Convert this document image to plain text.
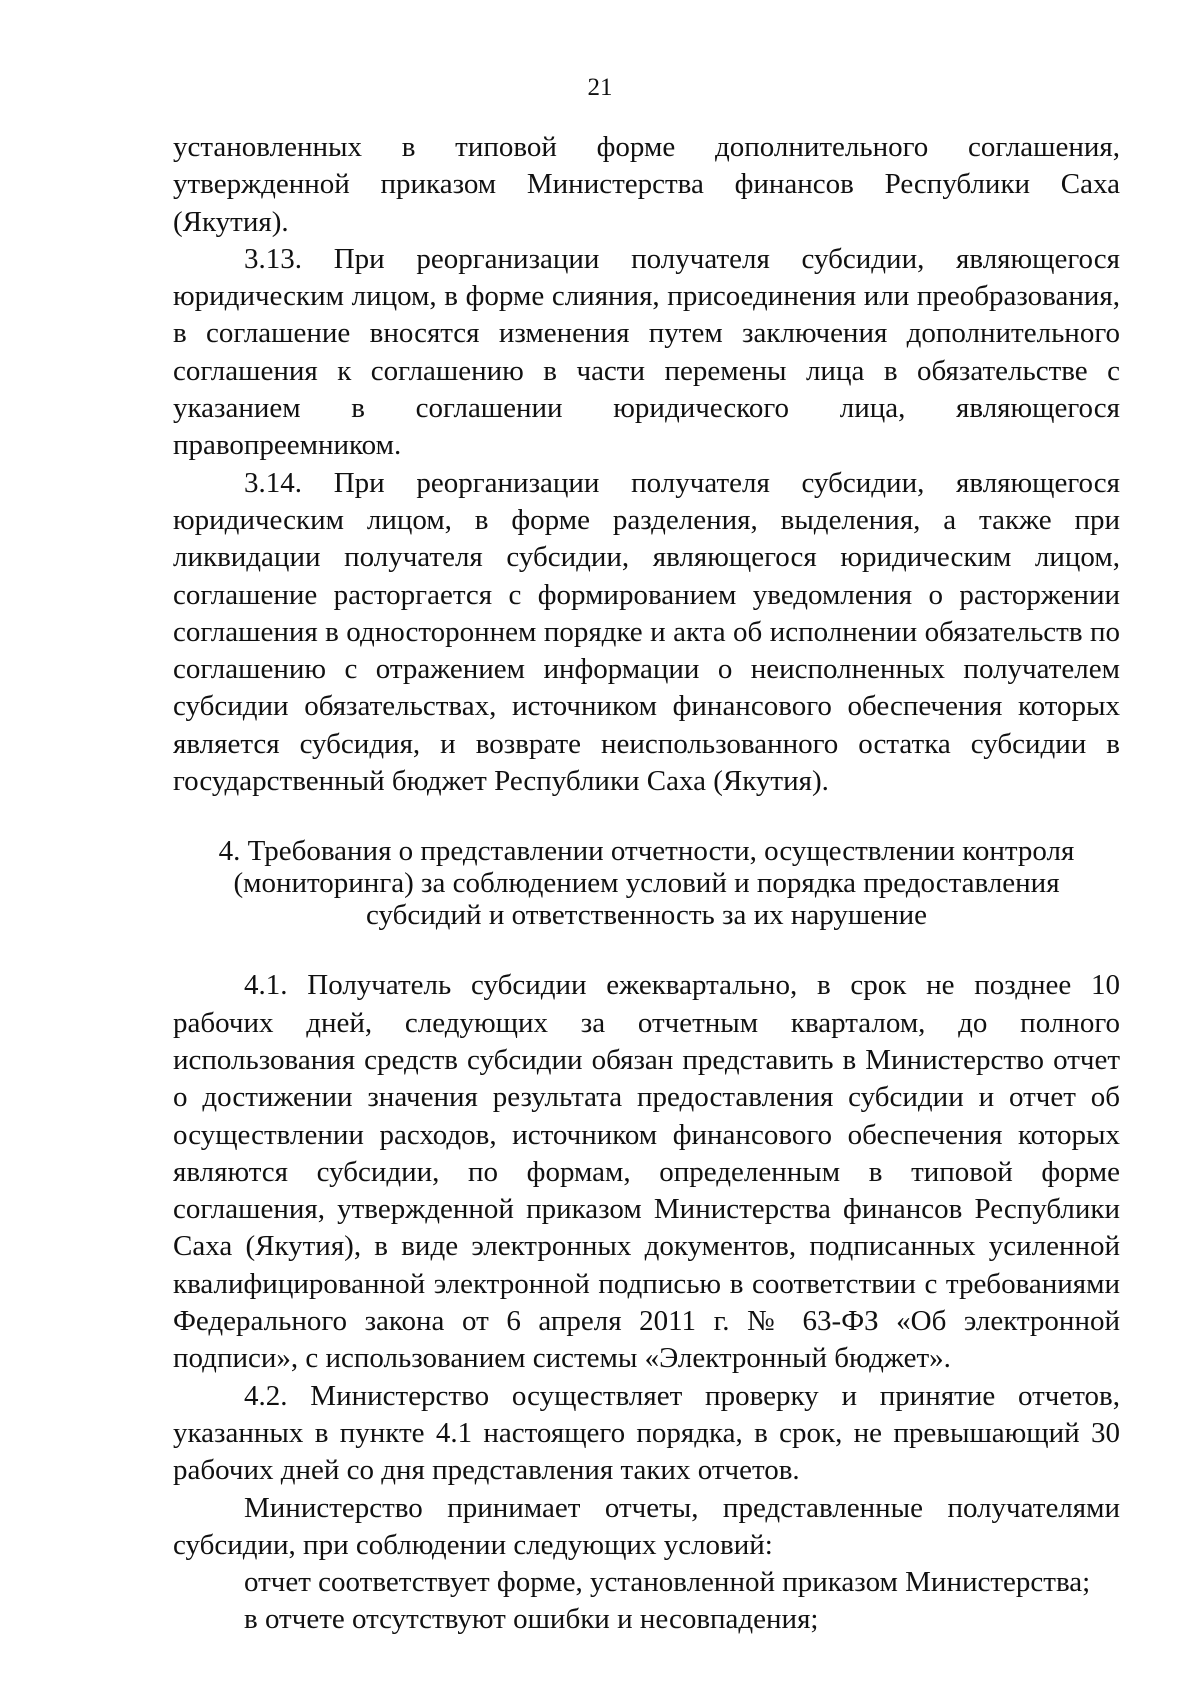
21

установленных в типовой форме дополнительного соглашения, утвержденной приказом Министерства финансов Республики Саха (Якутия).

3.13. При реорганизации получателя субсидии, являющегося юридическим лицом, в форме слияния, присоединения или преобразования, в соглашение вносятся изменения путем заключения дополнительного соглашения к соглашению в части перемены лица в обязательстве с указанием в соглашении юридического лица, являющегося правопреемником.

3.14. При реорганизации получателя субсидии, являющегося юридическим лицом, в форме разделения, выделения, а также при ликвидации получателя субсидии, являющегося юридическим лицом, соглашение расторгается с формированием уведомления о расторжении соглашения в одностороннем порядке и акта об исполнении обязательств по соглашению с отражением информации о неисполненных получателем субсидии обязательствах, источником финансового обеспечения которых является субсидия, и возврате неиспользованного остатка субсидии в государственный бюджет Республики Саха (Якутия).

4. Требования о представлении отчетности, осуществлении контроля
(мониторинга) за соблюдением условий и порядка предоставления
субсидий и ответственность за их нарушение

4.1. Получатель субсидии ежеквартально, в срок не позднее 10 рабочих дней, следующих за отчетным кварталом, до полного использования средств субсидии обязан представить в Министерство отчет о достижении значения результата предоставления субсидии и отчет об осуществлении расходов, источником финансового обеспечения которых являются субсидии, по формам, определенным в типовой форме соглашения, утвержденной приказом Министерства финансов Республики Саха (Якутия), в виде электронных документов, подписанных усиленной квалифицированной электронной подписью в соответствии с требованиями Федерального закона от 6 апреля 2011 г. № 63-ФЗ «Об электронной подписи», с использованием системы «Электронный бюджет».

4.2. Министерство осуществляет проверку и принятие отчетов, указанных в пункте 4.1 настоящего порядка, в срок, не превышающий 30 рабочих дней со дня представления таких отчетов.

Министерство принимает отчеты, представленные получателями субсидии, при соблюдении следующих условий:

отчет соответствует форме, установленной приказом Министерства;

в отчете отсутствуют ошибки и несовпадения;
